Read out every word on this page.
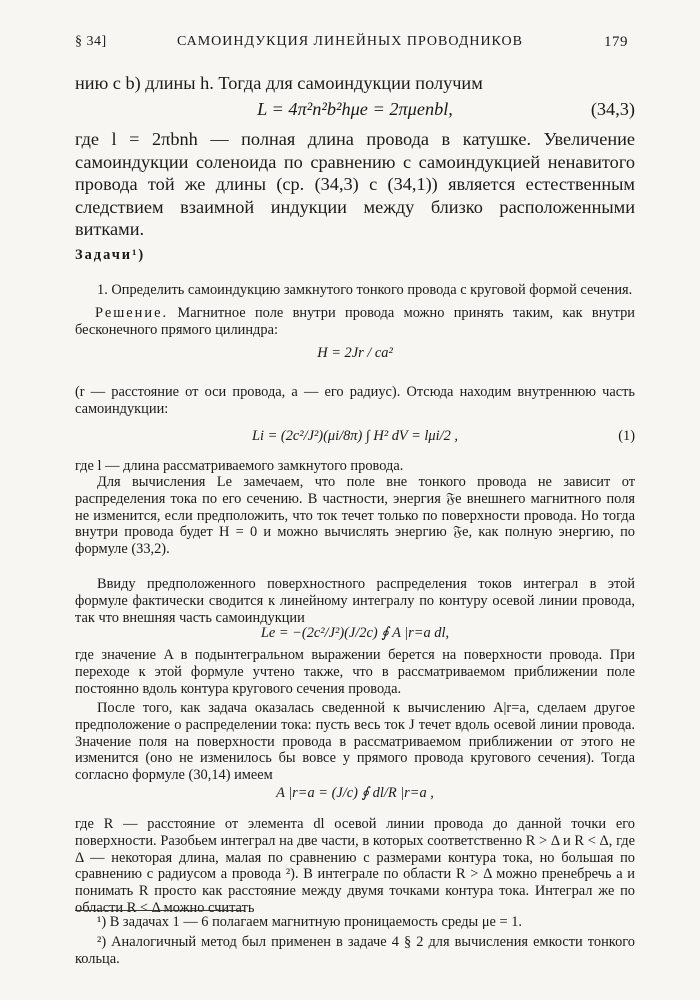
§ 34]	САМОИНДУКЦИЯ ЛИНЕЙНЫХ ПРОВОДНИКОВ	179

нию с b) длины h. Тогда для самоиндукции получим

L = 4π²n²b²hμe = 2πμenbl,	(34,3)

где l = 2πbnh — полная длина провода в катушке. Увеличение самоиндукции соленоида по сравнению с самоиндукцией ненавитого провода той же длины (ср. (34,3) с (34,1)) является естественным следствием взаимной индукции между близко расположенными витками.

Задачи¹)

1. Определить самоиндукцию замкнутого тонкого провода с круговой формой сечения.

Решение. Магнитное поле внутри провода можно принять таким, как внутри бесконечного прямого цилиндра:

H = 2Jr / ca²

(r — расстояние от оси провода, a — его радиус). Отсюда находим внутреннюю часть самоиндукции:

Li = (2c²/J²)(μi/8π) ∫ H² dV = lμi/2 ,	(1)

где l — длина рассматриваемого замкнутого провода.

Для вычисления Le замечаем, что поле вне тонкого провода не зависит от распределения тока по его сечению. В частности, энергия 𝔉e внешнего магнитного поля не изменится, если предположить, что ток течет только по поверхности провода. Но тогда внутри провода будет H = 0 и можно вычислять энергию 𝔉e, как полную энергию, по формуле (33,2).

Ввиду предположенного поверхностного распределения токов интеграл в этой формуле фактически сводится к линейному интегралу по контуру осевой линии провода, так что внешняя часть самоиндукции

Le = −(2c²/J²)(J/2c) ∮ A |r=a dl,

где значение A в подынтегральном выражении берется на поверхности провода. При переходе к этой формуле учтено также, что в рассматриваемом приближении поле постоянно вдоль контура кругового сечения провода.

После того, как задача оказалась сведенной к вычислению A|r=a, сделаем другое предположение о распределении тока: пусть весь ток J течет вдоль осевой линии провода. Значение поля на поверхности провода в рассматриваемом приближении от этого не изменится (оно не изменилось бы вовсе у прямого провода кругового сечения). Тогда согласно формуле (30,14) имеем

A |r=a = (J/c) ∮ dl/R |r=a ,

где R — расстояние от элемента dl осевой линии провода до данной точки его поверхности. Разобьем интеграл на две части, в которых соответственно R > Δ и R < Δ, где Δ — некоторая длина, малая по сравнению с размерами контура тока, но большая по сравнению с радиусом a провода ²). В интеграле по области R > Δ можно пренебречь a и понимать R просто как расстояние между двумя точками контура тока. Интеграл же по области R < Δ можно считать

¹) В задачах 1 — 6 полагаем магнитную проницаемость среды μe = 1.

²) Аналогичный метод был применен в задаче 4 § 2 для вычисления емкости тонкого кольца.
